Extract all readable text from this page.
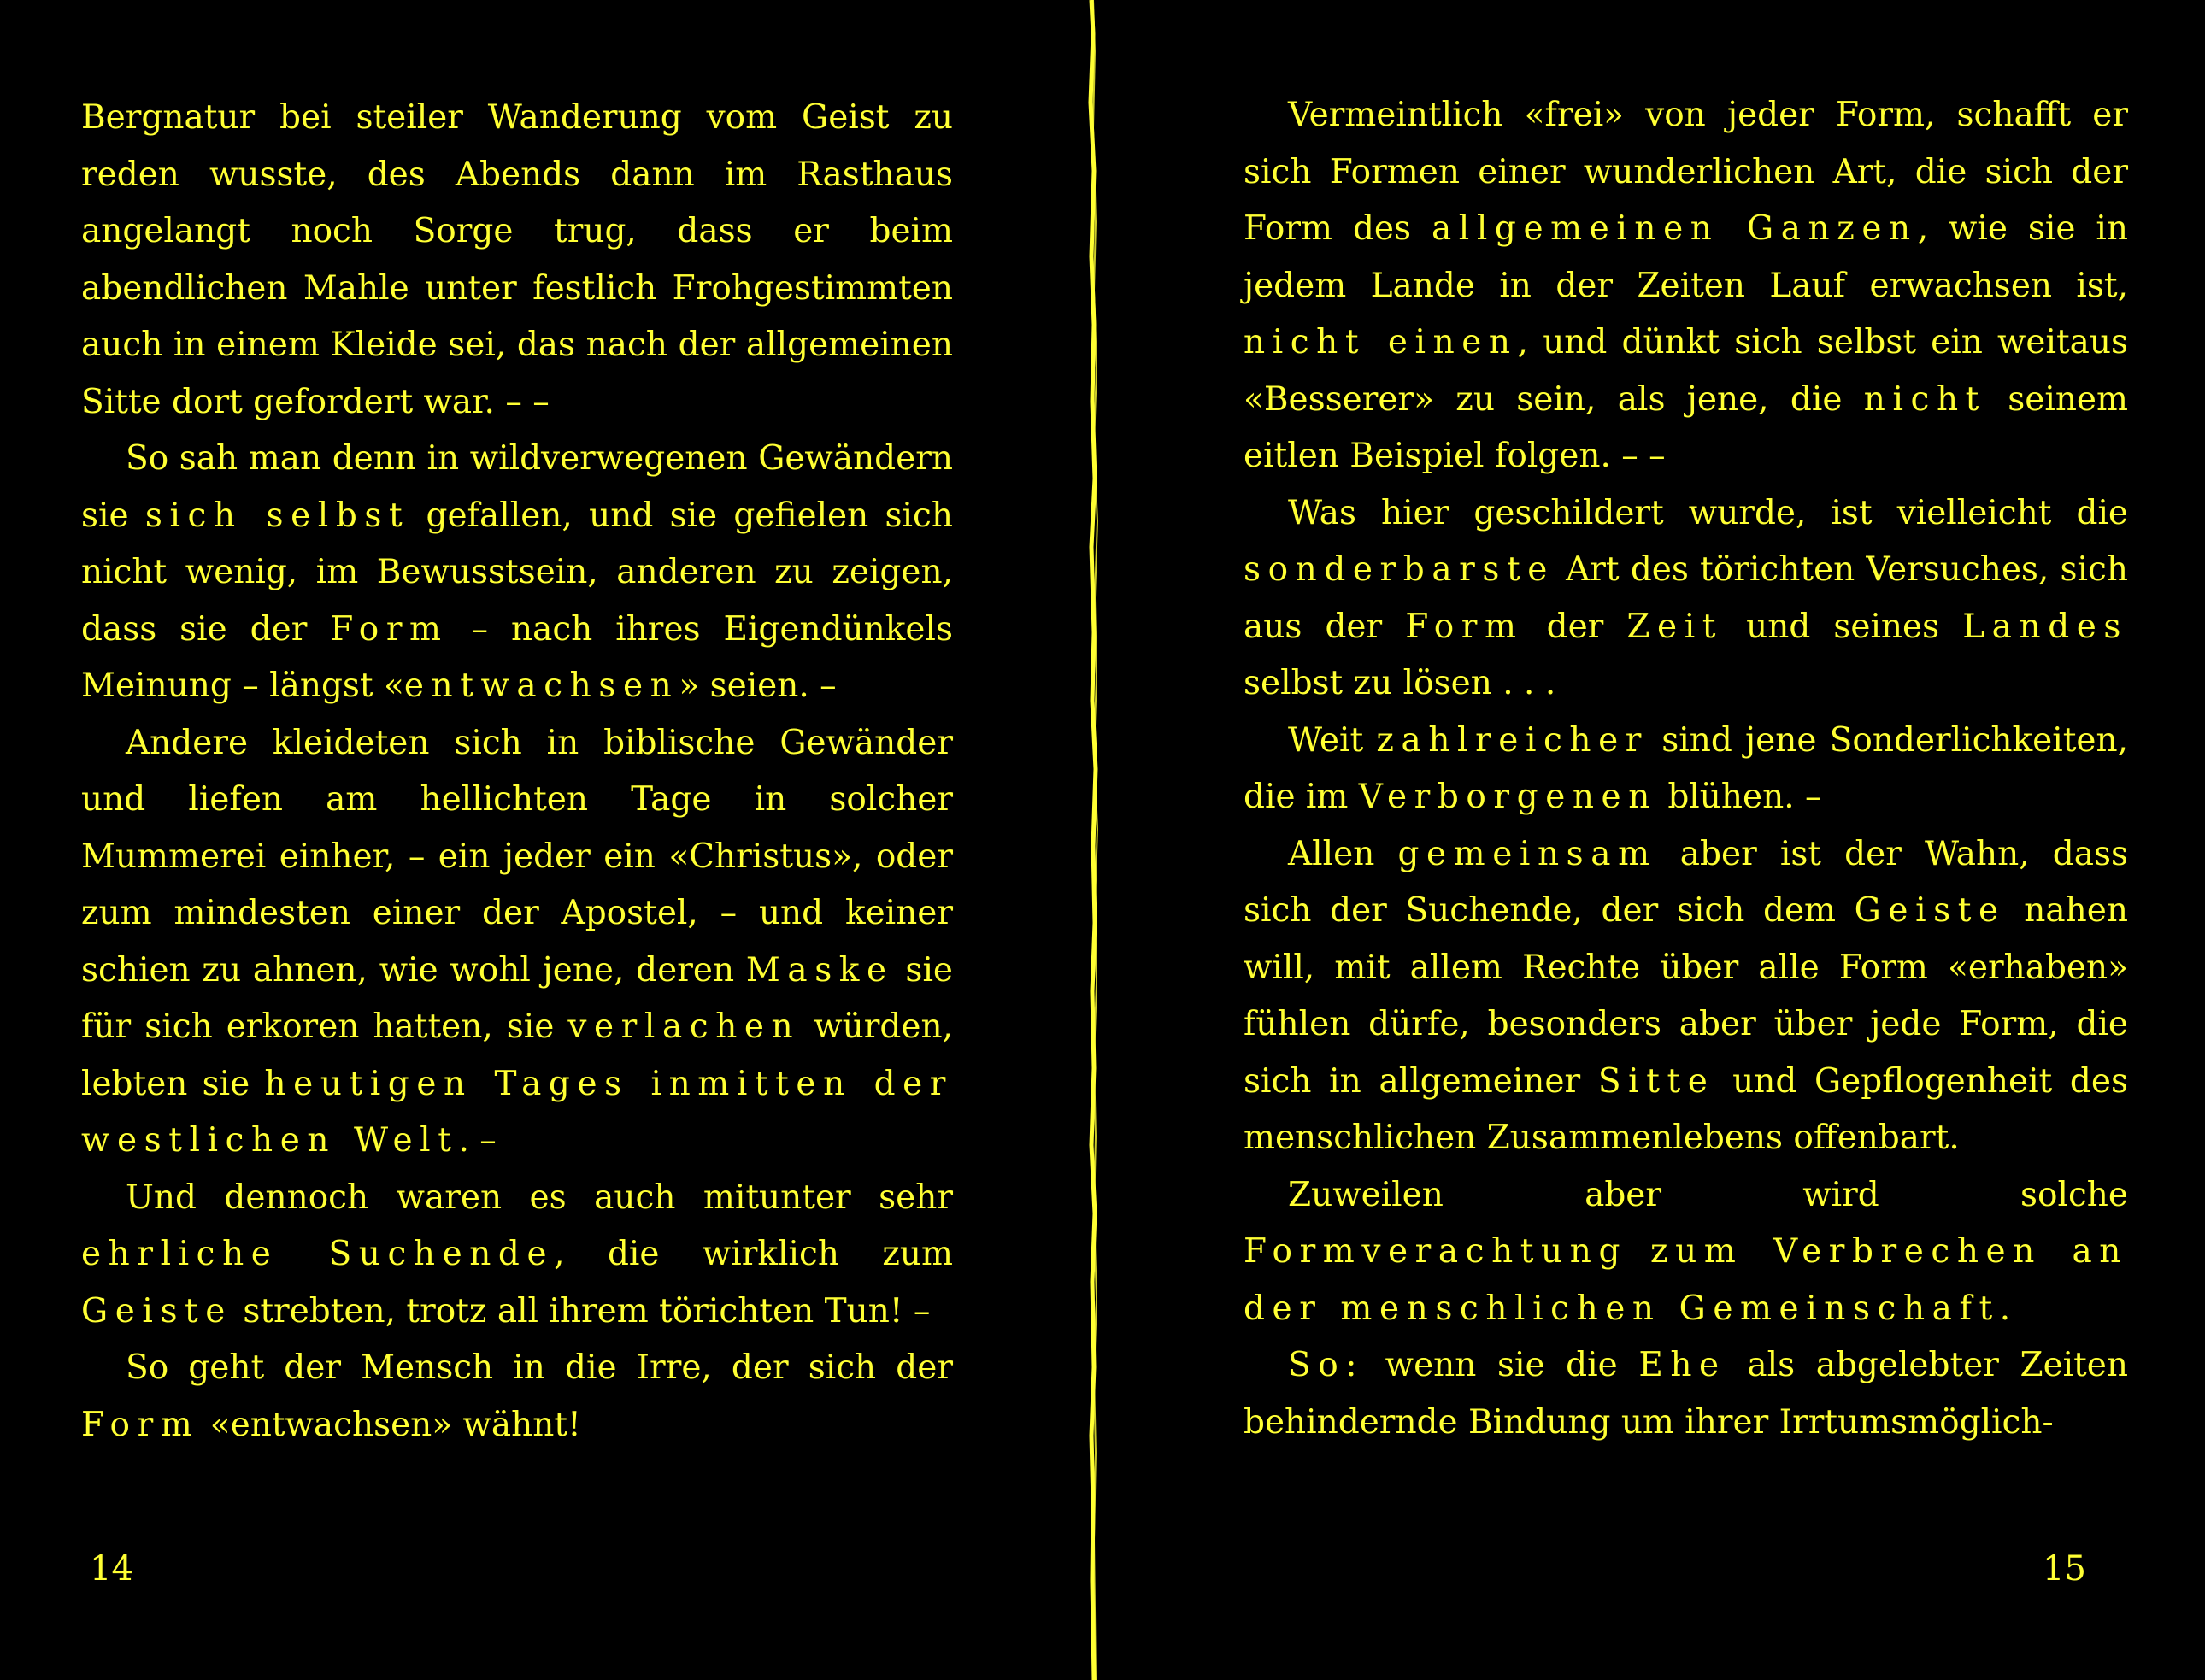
Bergnatur bei steiler Wanderung vom Geist zu reden wusste, des Abends dann im Rasthaus angelangt noch Sorge trug, dass er beim abendlichen Mahle unter festlich Frohgestimmten auch in einem Kleide sei, das nach der allgemeinen Sitte dort gefordert war. – –

So sah man denn in wildverwegenen Gewändern sie sich selbst gefallen, und sie gefielen sich nicht wenig, im Bewusstsein, anderen zu zeigen, dass sie der Form – nach ihres Eigendünkels Meinung – längst «entwachsen» seien. –

Andere kleideten sich in biblische Gewänder und liefen am hellichten Tage in solcher Mummerei einher, – ein jeder ein «Christus», oder zum mindesten einer der Apostel, – und keiner schien zu ahnen, wie wohl jene, deren Maske sie für sich erkoren hatten, sie verlachen würden, lebten sie heutigen Tages inmitten der westlichen Welt. –

Und dennoch waren es auch mitunter sehr ehrliche Suchende, die wirklich zum Geiste strebten, trotz all ihrem törichten Tun! –

So geht der Mensch in die Irre, der sich der Form «entwachsen» wähnt!

14

Vermeintlich «frei» von jeder Form, schafft er sich Formen einer wunderlichen Art, die sich der Form des allgemeinen Ganzen, wie sie in jedem Lande in der Zeiten Lauf erwachsen ist, nicht einen, und dünkt sich selbst ein weitaus «Besserer» zu sein, als jene, die nicht seinem eitlen Beispiel folgen. – –

Was hier geschildert wurde, ist vielleicht die sonderbarste Art des törichten Versuches, sich aus der Form der Zeit und seines Landes selbst zu lösen . . .

Weit zahlreicher sind jene Sonderlichkeiten, die im Verborgenen blühen. –

Allen gemeinsam aber ist der Wahn, dass sich der Suchende, der sich dem Geiste nahen will, mit allem Rechte über alle Form «erhaben» fühlen dürfe, besonders aber über jede Form, die sich in allgemeiner Sitte und Gepflogenheit des menschlichen Zusammenlebens offenbart.

Zuweilen aber wird solche Formverachtung zum Verbrechen an der menschlichen Gemeinschaft.

So: wenn sie die Ehe als abgelebter Zeiten behindernde Bindung um ihrer Irrtumsmöglich-

15
